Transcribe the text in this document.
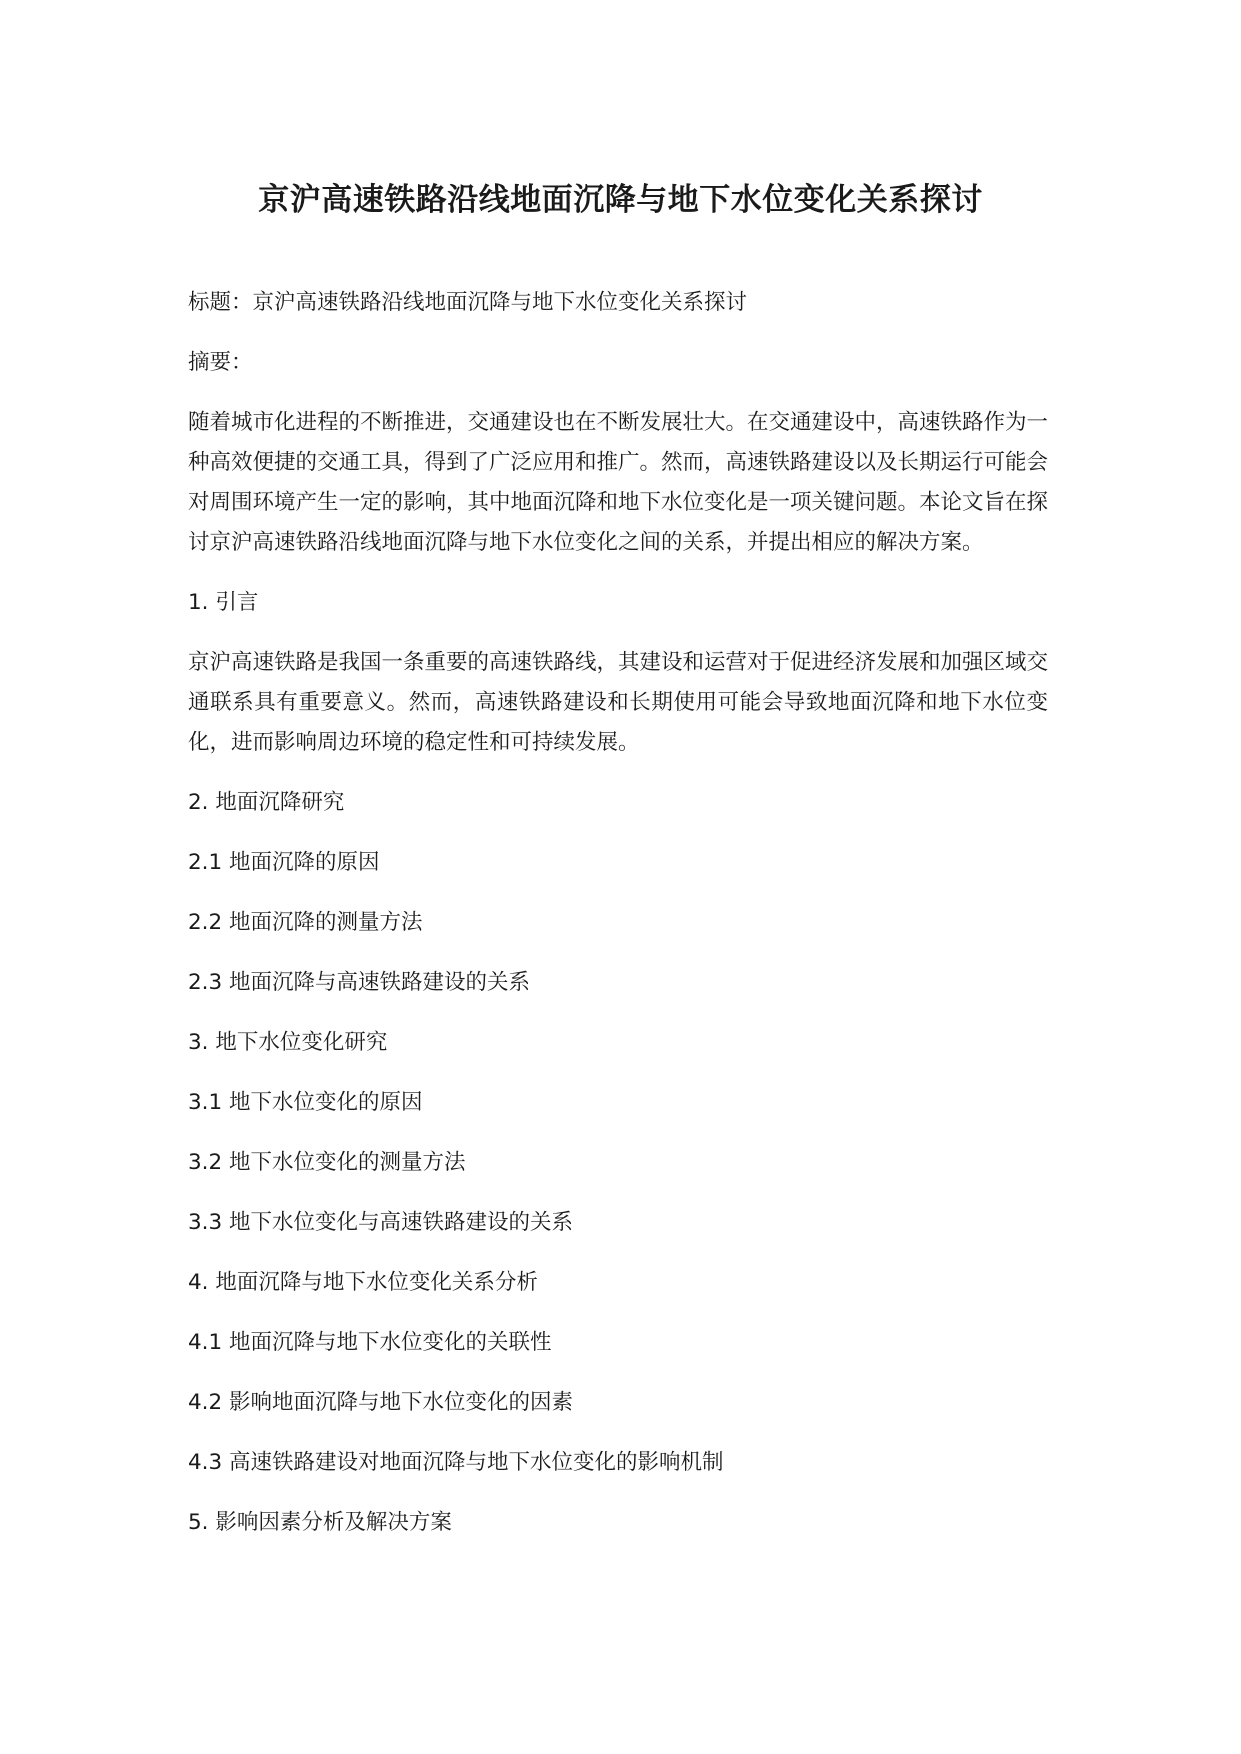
京沪高速铁路沿线地面沉降与地下水位变化关系探讨

标题：京沪高速铁路沿线地面沉降与地下水位变化关系探讨

摘要：

随着城市化进程的不断推进，交通建设也在不断发展壮大。在交通建设中，高速铁路作为一种高效便捷的交通工具，得到了广泛应用和推广。然而，高速铁路建设以及长期运行可能会对周围环境产生一定的影响，其中地面沉降和地下水位变化是一项关键问题。本论文旨在探讨京沪高速铁路沿线地面沉降与地下水位变化之间的关系，并提出相应的解决方案。

1. 引言

京沪高速铁路是我国一条重要的高速铁路线，其建设和运营对于促进经济发展和加强区域交通联系具有重要意义。然而，高速铁路建设和长期使用可能会导致地面沉降和地下水位变化，进而影响周边环境的稳定性和可持续发展。

2. 地面沉降研究

2.1 地面沉降的原因

2.2 地面沉降的测量方法

2.3 地面沉降与高速铁路建设的关系

3. 地下水位变化研究

3.1 地下水位变化的原因

3.2 地下水位变化的测量方法

3.3 地下水位变化与高速铁路建设的关系

4. 地面沉降与地下水位变化关系分析

4.1 地面沉降与地下水位变化的关联性

4.2 影响地面沉降与地下水位变化的因素

4.3 高速铁路建设对地面沉降与地下水位变化的影响机制

5. 影响因素分析及解决方案
